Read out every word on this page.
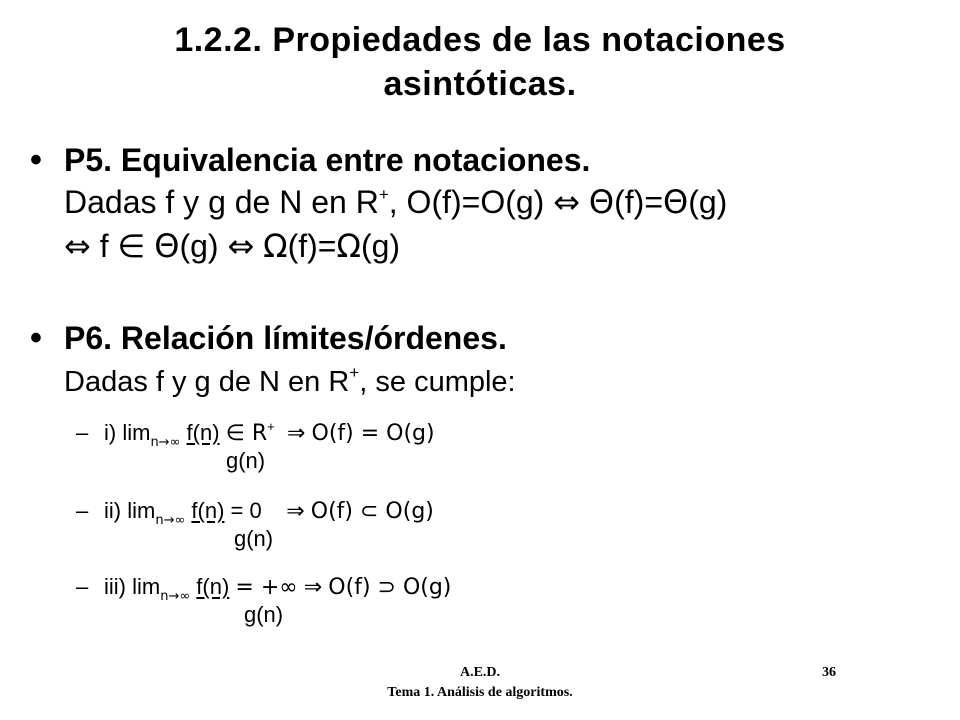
1.2.2. Propiedades de las notaciones
asintóticas.
• P5. Equivalencia entre notaciones.
Dadas f y g de N en R+, O(f)=O(g) ⇔ Θ(f)=Θ(g)
⇔ f ∈ Θ(g) ⇔ Ω(f)=Ω(g)
• P6. Relación límites/órdenes.
Dadas f y g de N en R+, se cumple:
– i) $\lim_{n\to\infty} f(n)$ ∈ R+ ⇒ O(f) = O(g)
g(n)
– ii) $\lim_{n\to\infty} f(n) = 0$ ⇒ O(f) ⊂ O(g)
g(n)
– iii) $\lim_{n\to\infty} f(n)$ = +∞ ⇒ O(f) ⊃ O(g)
g(n)
A.E.D.
Tema 1. Análisis de algoritmos.
36
